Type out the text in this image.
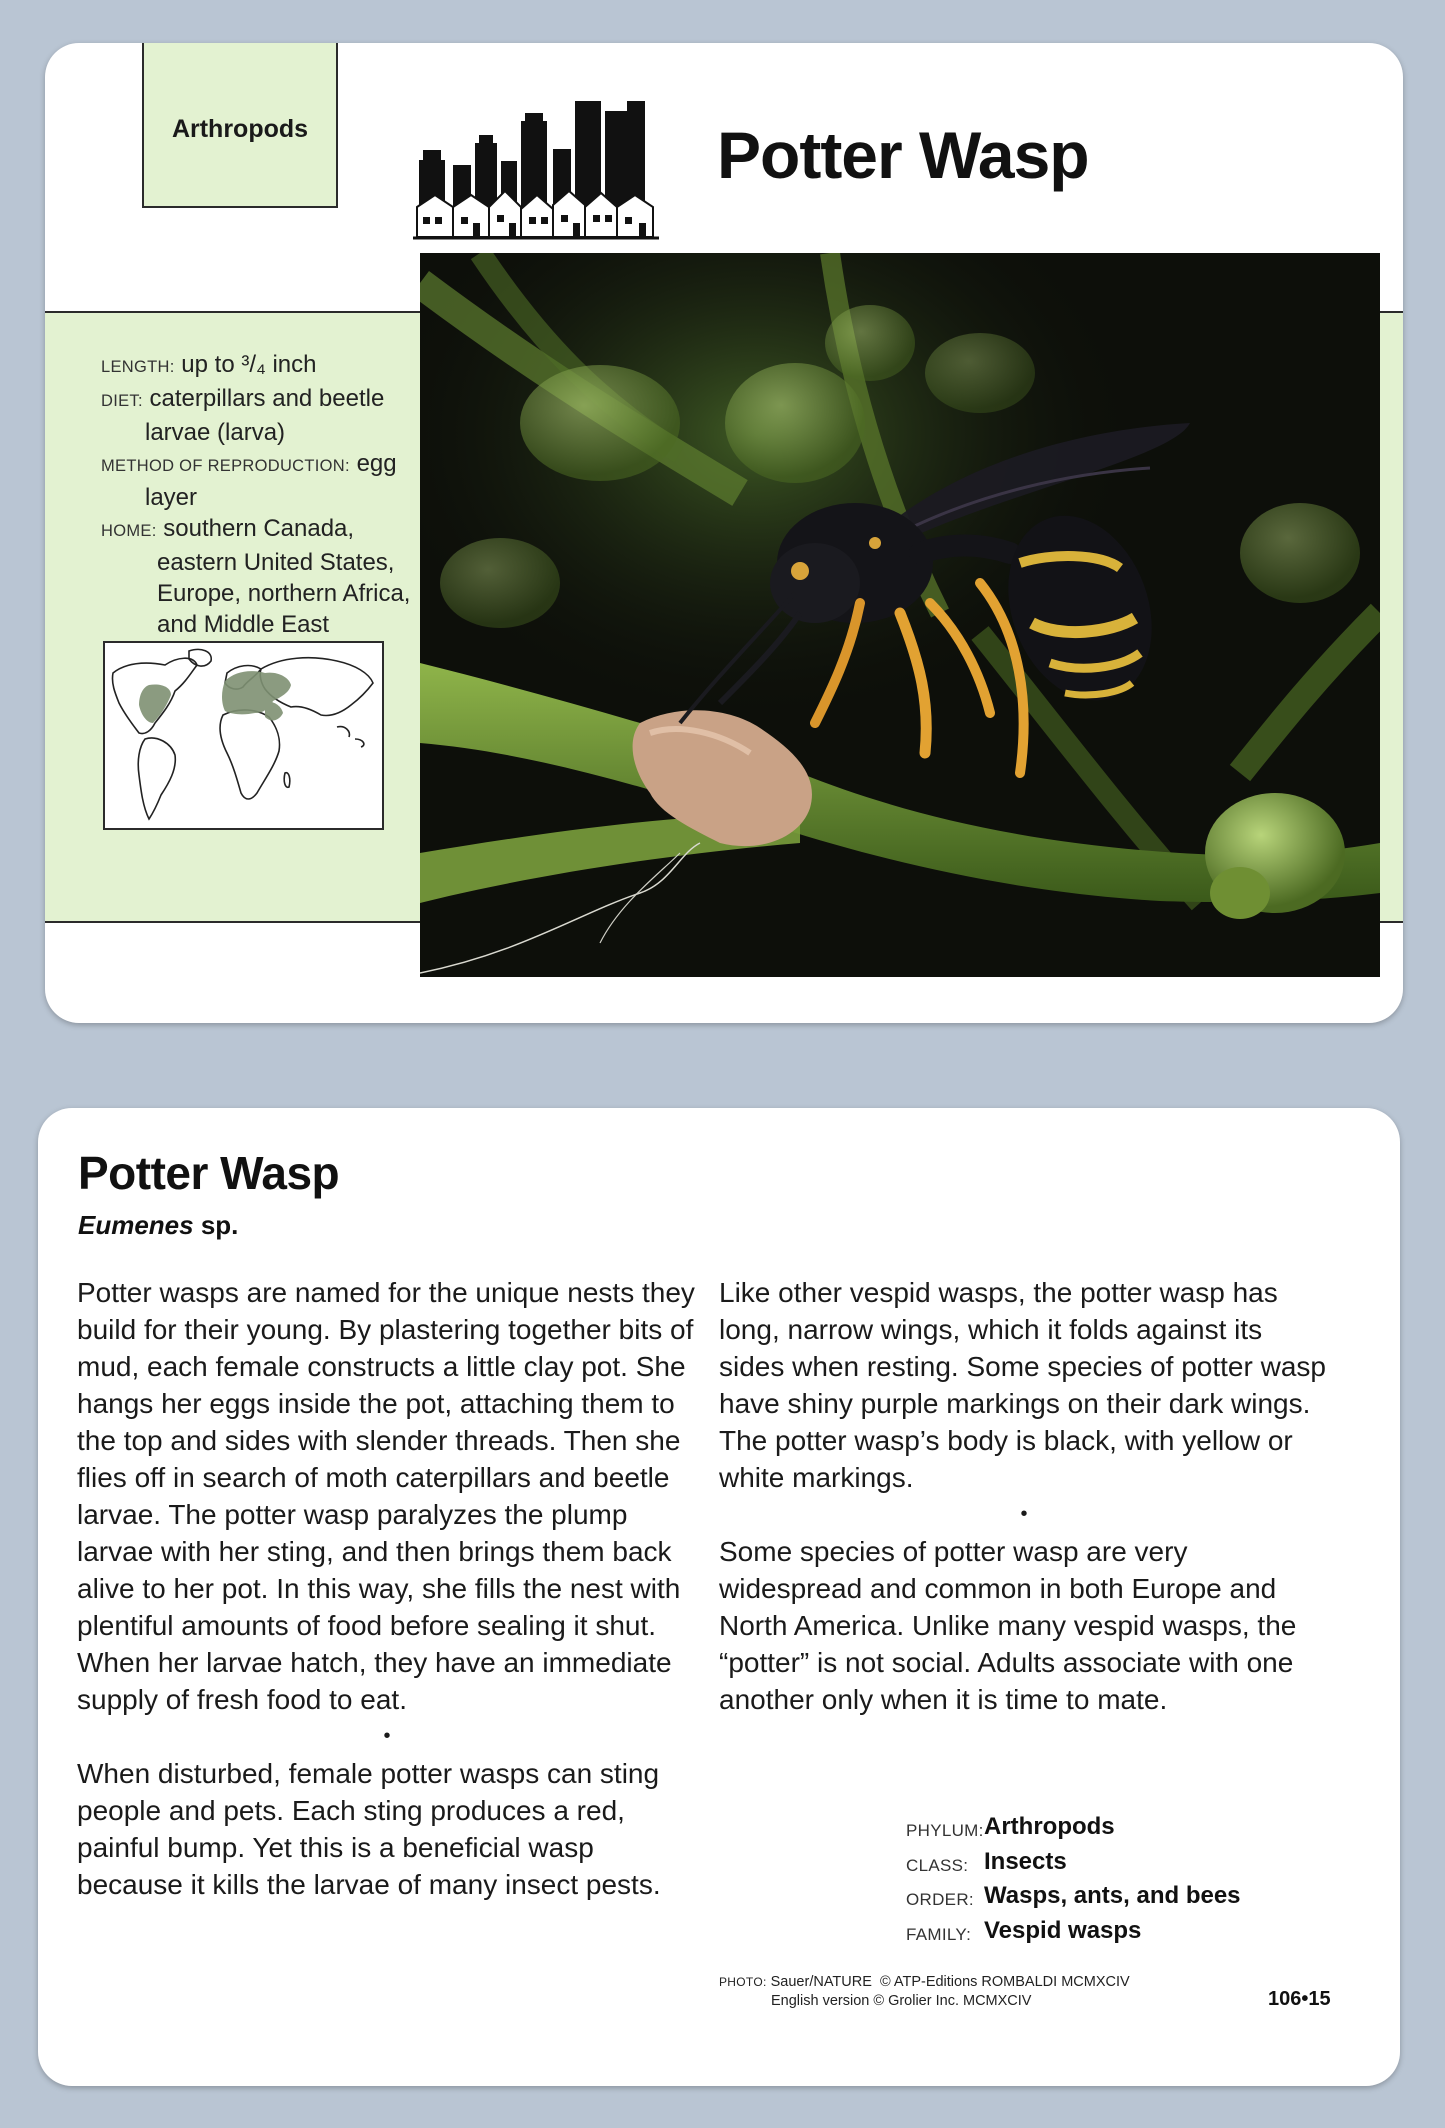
Arthropods	Potter Wasp
LENGTH: up to ³/₄ inch
DIET: caterpillars and beetle larvae (larva)
METHOD OF REPRODUCTION: egg layer
HOME: southern Canada, eastern United States, Europe, northern Africa, and Middle East
Potter Wasp
Eumenes sp.

Potter wasps are named for the unique nests they build for their young. By plastering together bits of mud, each female constructs a little clay pot. She hangs her eggs inside the pot, attaching them to the top and sides with slender threads. Then she flies off in search of moth caterpillars and beetle larvae. The potter wasp paralyzes the plump larvae with her sting, and then brings them back alive to her pot. In this way, she fills the nest with plentiful amounts of food before sealing it shut. When her larvae hatch, they have an immediate supply of fresh food to eat.

•

When disturbed, female potter wasps can sting people and pets. Each sting produces a red, painful bump. Yet this is a beneficial wasp because it kills the larvae of many insect pests.

Like other vespid wasps, the potter wasp has long, narrow wings, which it folds against its sides when resting. Some species of potter wasp have shiny purple markings on their dark wings. The potter wasp’s body is black, with yellow or white markings.

•

Some species of potter wasp are very widespread and common in both Europe and North America. Unlike many vespid wasps, the “potter” is not social. Adults associate with one another only when it is time to mate.

PHYLUM: Arthropods
CLASS: Insects
ORDER: Wasps, ants, and bees
FAMILY: Vespid wasps
PHOTO: Sauer/NATURE © ATP-Editions ROMBALDI MCMXCIV
English version © Grolier Inc. MCMXCIV	106•15
